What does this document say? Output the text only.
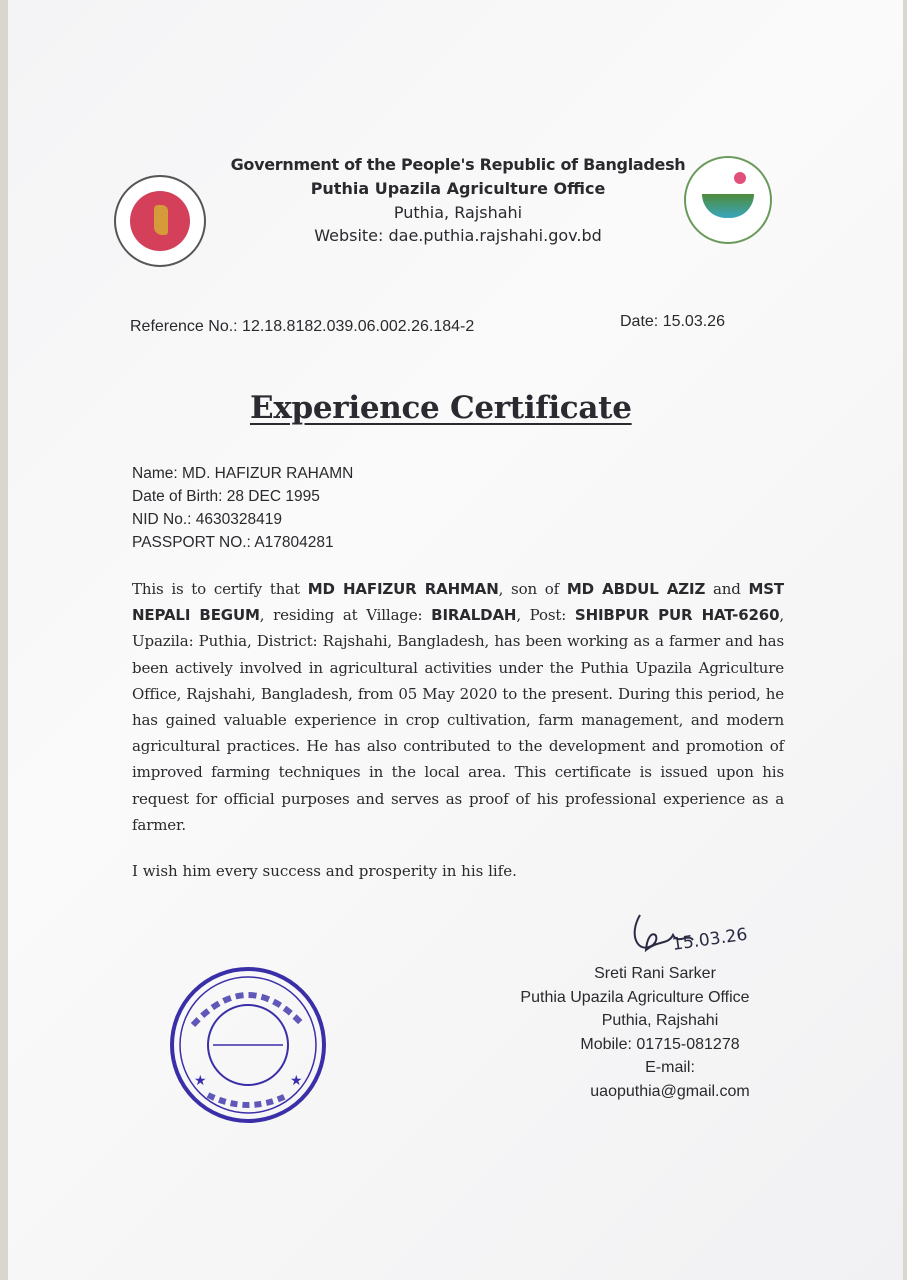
Government of the People's Republic of Bangladesh
Puthia Upazila Agriculture Office
Puthia, Rajshahi
Website: dae.puthia.rajshahi.gov.bd
Reference No.: 12.18.8182.039.06.002.26.184-2	Date: 15.03.26
Experience Certificate
Name: MD. HAFIZUR RAHAMN
Date of Birth: 28 DEC 1995
NID No.: 4630328419
PASSPORT NO.: A17804281
This is to certify that MD HAFIZUR RAHMAN, son of MD ABDUL AZIZ and MST NEPALI BEGUM, residing at Village: BIRALDAH, Post: SHIBPUR PUR HAT-6260, Upazila: Puthia, District: Rajshahi, Bangladesh, has been working as a farmer and has been actively involved in agricultural activities under the Puthia Upazila Agriculture Office, Rajshahi, Bangladesh, from 05 May 2020 to the present. During this period, he has gained valuable experience in crop cultivation, farm management, and modern agricultural practices. He has also contributed to the development and promotion of improved farming techniques in the local area. This certificate is issued upon his request for official purposes and serves as proof of his professional experience as a farmer.
I wish him every success and prosperity in his life.
15.03.26
Sreti Rani Sarker
Puthia Upazila Agriculture Office
Puthia, Rajshahi
Mobile: 01715-081278
E-mail: uaoputhia@gmail.com
★	★
